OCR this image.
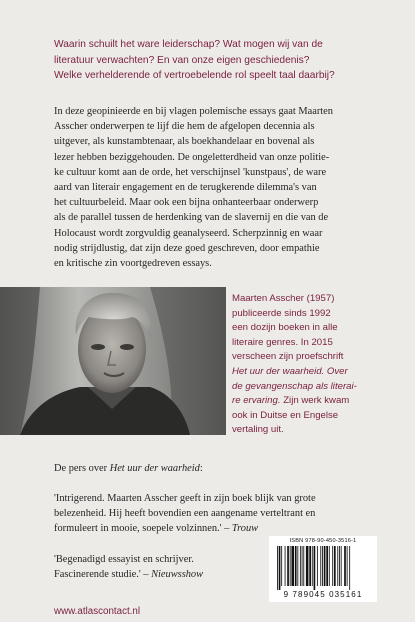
Waarin schuilt het ware leiderschap? Wat mogen wij van de

literatuur verwachten? En van onze eigen geschiedenis?

Welke verhelderende of vertroebelende rol speelt taal daarbij?

In deze geopinieerde en bij vlagen polemische essays gaat Maarten

Asscher onderwerpen te lijf die hem de afgelopen decennia als

uitgever, als kunstambtenaar, als boekhandelaar en bovenal als

lezer hebben beziggehouden. De ongeletterdheid van onze politie-

ke cultuur komt aan de orde, het verschijnsel 'kunstpaus', de ware

aard van literair engagement en de terugkerende dilemma's van

het cultuurbeleid. Maar ook een bijna onhanteerbaar onderwerp

als de parallel tussen de herdenking van de slavernij en die van de

Holocaust wordt zorgvuldig geanalyseerd. Scherpzinnig en waar

nodig strijdlustig, dat zijn deze goed geschreven, door empathie

en kritische zin voortgedreven essays.

Maarten Asscher (1957)

publiceerde sinds 1992

een dozijn boeken in alle

literaire genres. In 2015

verscheen zijn proefschrift

Het uur der waarheid. Over

de gevangenschap als literai-

re ervaring. Zijn werk kwam

ook in Duitse en Engelse

vertaling uit.

De pers over Het uur der waarheid:

'Intrigerend. Maarten Asscher geeft in zijn boek blijk van grote

belezenheid. Hij heeft bovendien een aangename verteltrant en

formuleert in mooie, soepele volzinnen.' – Trouw

'Begenadigd essayist en schrijver.

Fascinerende studie.' – Nieuwsshow

www.atlascontact.nl
ISBN 978-90-450-3516-1
9 789045 035161
